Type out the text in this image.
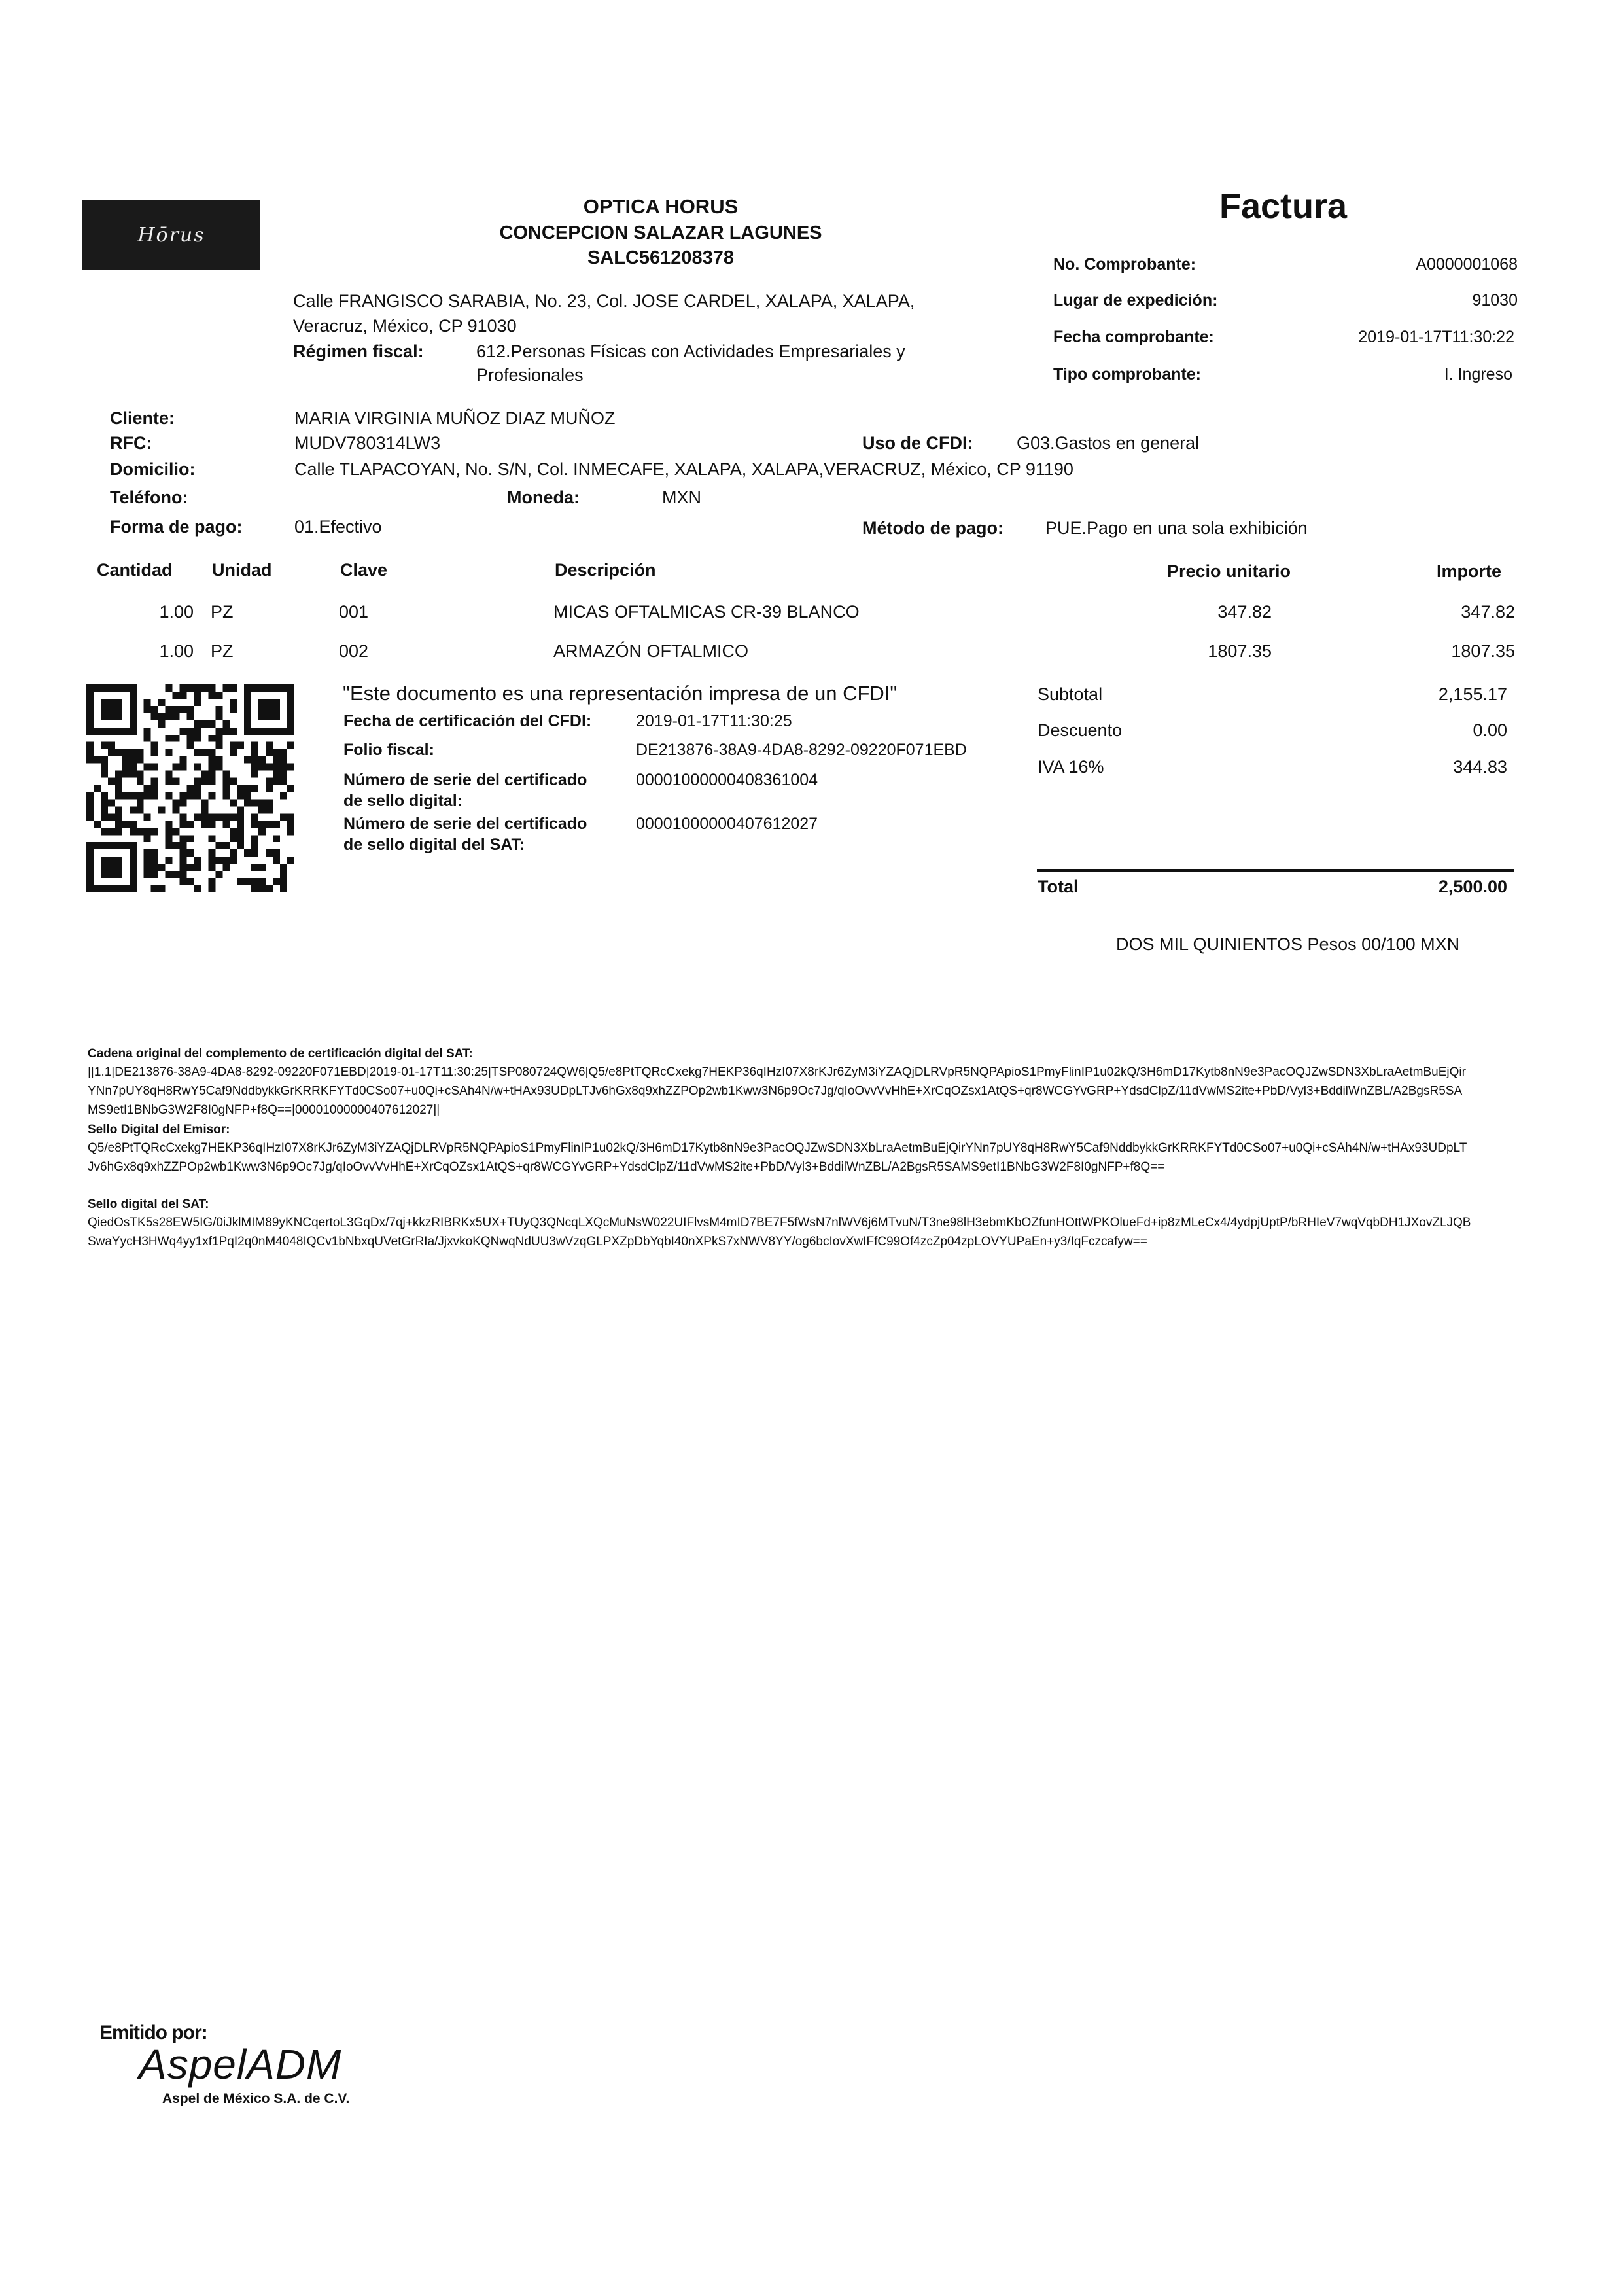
Hōrus
OPTICA HORUS
CONCEPCION SALAZAR LAGUNES
SALC561208378
Calle FRANGISCO SARABIA, No. 23, Col. JOSE CARDEL, XALAPA, XALAPA,
Veracruz, México, CP 91030
Régimen fiscal:	612.Personas Físicas con Actividades Empresariales y
Profesionales
Factura
No. Comprobante:	A0000001068
Lugar de expedición:	91030
Fecha comprobante:	2019-01-17T11:30:22
Tipo comprobante:	I. Ingreso
Cliente:	MARIA VIRGINIA MUÑOZ DIAZ MUÑOZ
RFC:	MUDV780314LW3	Uso de CFDI: G03.Gastos en general
Domicilio:	Calle TLAPACOYAN, No. S/N, Col. INMECAFE, XALAPA, XALAPA,VERACRUZ, México, CP 91190
Teléfono:	Moneda:	MXN
Forma de pago:	01.Efectivo	Método de pago: PUE.Pago en una sola exhibición
Cantidad Unidad	Clave	Descripción	Precio unitario	Importe
1.00 PZ	001	MICAS OFTALMICAS CR-39 BLANCO	347.82	347.82
1.00 PZ	002	ARMAZÓN OFTALMICO	1807.35	1807.35
"Este documento es una representación impresa de un CFDI"
Fecha de certificación del CFDI:	2019-01-17T11:30:25
Folio fiscal:	DE213876-38A9-4DA8-8292-09220F071EBD
Número de serie del certificado
de sello digital:
00001000000408361004
Número de serie del certificado
de sello digital del SAT:
00001000000407612027
Subtotal	2,155.17
Descuento	0.00
IVA 16%	344.83
Total	2,500.00
DOS MIL QUINIENTOS Pesos 00/100 MXN
Cadena original del complemento de certificación digital del SAT:
||1.1|DE213876-38A9-4DA8-8292-09220F071EBD|2019-01-17T11:30:25|TSP080724QW6|Q5/e8PtTQRcCxekg7HEKP36qIHzI07X8rKJr6ZyM3iYZAQjDLRVpR5NQPApioS1PmyFlinIP1u02kQ/3H6mD17Kytb8nN9e3PacOQJZwSDN3XbLraAetmBuEjQirYNn7pUY8qH8RwY5Caf9NddbykkGrKRRKFYTd0CSo07+u0Qi+cSAh4N/w+tHAx93UDpLTJv6hGx8q9xhZZPOp2wb1Kww3N6p9Oc7Jg/qIoOvvVvHhE+XrCqOZsx1AtQS+qr8WCGYvGRP+YdsdClpZ/11dVwMS2ite+PbD/Vyl3+BddilWnZBL/A2BgsR5SAMS9etI1BNbG3W2F8I0gNFP+f8Q==|00001000000407612027||
Sello Digital del Emisor:
Q5/e8PtTQRcCxekg7HEKP36qIHzI07X8rKJr6ZyM3iYZAQjDLRVpR5NQPApioS1PmyFlinIP1u02kQ/3H6mD17Kytb8nN9e3PacOQJZwSDN3XbLraAetmBuEjQirYNn7pUY8qH8RwY5Caf9NddbykkGrKRRKFYTd0CSo07+u0Qi+cSAh4N/w+tHAx93UDpLTJv6hGx8q9xhZZPOp2wb1Kww3N6p9Oc7Jg/qIoOvvVvHhE+XrCqOZsx1AtQS+qr8WCGYvGRP+YdsdClpZ/11dVwMS2ite+PbD/Vyl3+BddilWnZBL/A2BgsR5SAMS9etI1BNbG3W2F8I0gNFP+f8Q==
Sello digital del SAT:
QiedOsTK5s28EW5IG/0iJklMIM89yKNCqertoL3GqDx/7qj+kkzRIBRKx5UX+TUyQ3QNcqLXQcMuNsW022UIFlvsM4mID7BE7F5fWsN7nlWV6j6MTvuN/T3ne98lH3ebmKbOZfunHOttWPKOlueFd+ip8zMLeCx4/4ydpjUptP/bRHIeV7wqVqbDH1JXovZLJQBSwaYycH3HWq4yy1xf1PqI2q0nM4048IQCv1bNbxqUVetGrRIa/JjxvkoKQNwqNdUU3wVzqGLPXZpDbYqbI40nXPkS7xNWV8YY/og6bcIovXwIFfC99Of4zcZp04zpLOVYUPaEn+y3/IqFczcafyw==
Emitido por:
AspelADM
Aspel de México S.A. de C.V.
